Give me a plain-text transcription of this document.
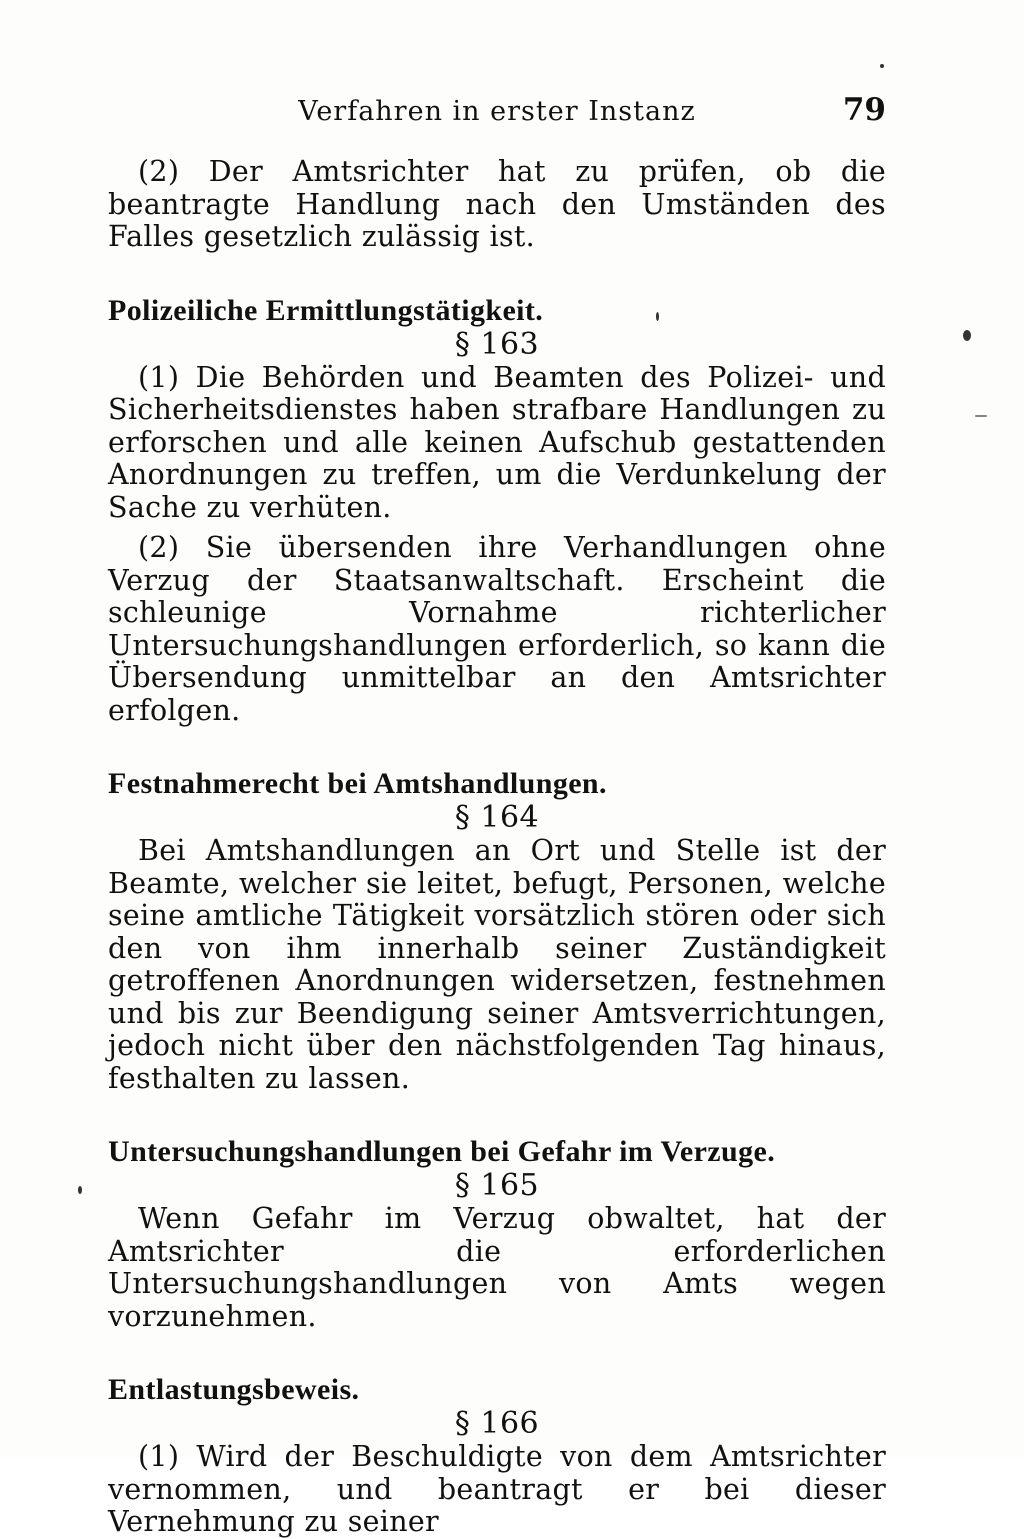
Verfahren in erster Instanz	79

(2) Der Amtsrichter hat zu prüfen, ob die beantragte Handlung nach den Umständen des Falles gesetzlich zulässig ist.

Polizeiliche Ermittlungstätigkeit.

§ 163

(1) Die Behörden und Beamten des Polizei- und Sicherheitsdienstes haben strafbare Handlungen zu erforschen und alle keinen Aufschub gestattenden Anordnungen zu treffen, um die Verdunkelung der Sache zu verhüten.

(2) Sie übersenden ihre Verhandlungen ohne Verzug der Staatsanwaltschaft. Erscheint die schleunige Vornahme richterlicher Untersuchungshandlungen erforderlich, so kann die Übersendung unmittelbar an den Amtsrichter erfolgen.

Festnahmerecht bei Amtshandlungen.

§ 164

Bei Amtshandlungen an Ort und Stelle ist der Beamte, welcher sie leitet, befugt, Personen, welche seine amtliche Tätigkeit vorsätzlich stören oder sich den von ihm innerhalb seiner Zuständigkeit getroffenen Anordnungen widersetzen, festnehmen und bis zur Beendigung seiner Amtsverrichtungen, jedoch nicht über den nächstfolgenden Tag hinaus, festhalten zu lassen.

Untersuchungshandlungen bei Gefahr im Verzuge.

§ 165

Wenn Gefahr im Verzug obwaltet, hat der Amtsrichter die erforderlichen Untersuchungshandlungen von Amts wegen vorzunehmen.

Entlastungsbeweis.

§ 166

(1) Wird der Beschuldigte von dem Amtsrichter vernommen, und beantragt er bei dieser Vernehmung zu seiner
